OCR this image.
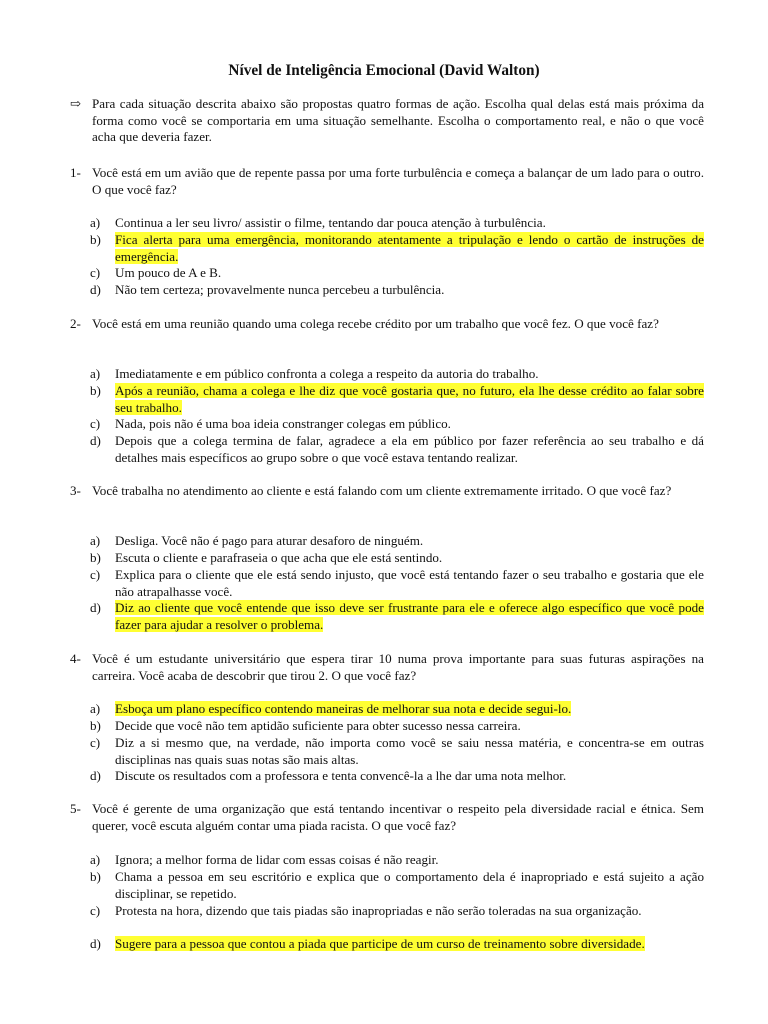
Nível de Inteligência Emocional (David Walton)
⇨ Para cada situação descrita abaixo são propostas quatro formas de ação. Escolha qual delas está mais próxima da forma como você se comportaria em uma situação semelhante. Escolha o comportamento real, e não o que você acha que deveria fazer.
1- Você está em um avião que de repente passa por uma forte turbulência e começa a balançar de um lado para o outro. O que você faz?
a)	Continua a ler seu livro/ assistir o filme, tentando dar pouca atenção à turbulência.
b)	Fica alerta para uma emergência, monitorando atentamente a tripulação e lendo o cartão de instruções de emergência.
c)	Um pouco de A e B.
d)	Não tem certeza; provavelmente nunca percebeu a turbulência.
2- Você está em uma reunião quando uma colega recebe crédito por um trabalho que você fez. O que você faz?
a)	Imediatamente e em público confronta a colega a respeito da autoria do trabalho.
b)	Após a reunião, chama a colega e lhe diz que você gostaria que, no futuro, ela lhe desse crédito ao falar sobre seu trabalho.
c)	Nada, pois não é uma boa ideia constranger colegas em público.
d)	Depois que a colega termina de falar, agradece a ela em público por fazer referência ao seu trabalho e dá detalhes mais específicos ao grupo sobre o que você estava tentando realizar.
3- Você trabalha no atendimento ao cliente e está falando com um cliente extremamente irritado. O que você faz?
a)	Desliga. Você não é pago para aturar desaforo de ninguém.
b)	Escuta o cliente e parafraseia o que acha que ele está sentindo.
c)	Explica para o cliente que ele está sendo injusto, que você está tentando fazer o seu trabalho e gostaria que ele não atrapalhasse você.
d)	Diz ao cliente que você entende que isso deve ser frustrante para ele e oferece algo específico que você pode fazer para ajudar a resolver o problema.
4- Você é um estudante universitário que espera tirar 10 numa prova importante para suas futuras aspirações na carreira. Você acaba de descobrir que tirou 2. O que você faz?
a)	Esboça um plano específico contendo maneiras de melhorar sua nota e decide segui-lo.
b)	Decide que você não tem aptidão suficiente para obter sucesso nessa carreira.
c)	Diz a si mesmo que, na verdade, não importa como você se saiu nessa matéria, e concentra-se em outras disciplinas nas quais suas notas são mais altas.
d)	Discute os resultados com a professora e tenta convencê-la a lhe dar uma nota melhor.
5- Você é gerente de uma organização que está tentando incentivar o respeito pela diversidade racial e étnica. Sem querer, você escuta alguém contar uma piada racista. O que você faz?
a)	Ignora; a melhor forma de lidar com essas coisas é não reagir.
b)	Chama a pessoa em seu escritório e explica que o comportamento dela é inapropriado e está sujeito a ação disciplinar, se repetido.
c)	Protesta na hora, dizendo que tais piadas são inapropriadas e não serão toleradas na sua organização.
d)	Sugere para a pessoa que contou a piada que participe de um curso de treinamento sobre diversidade.
